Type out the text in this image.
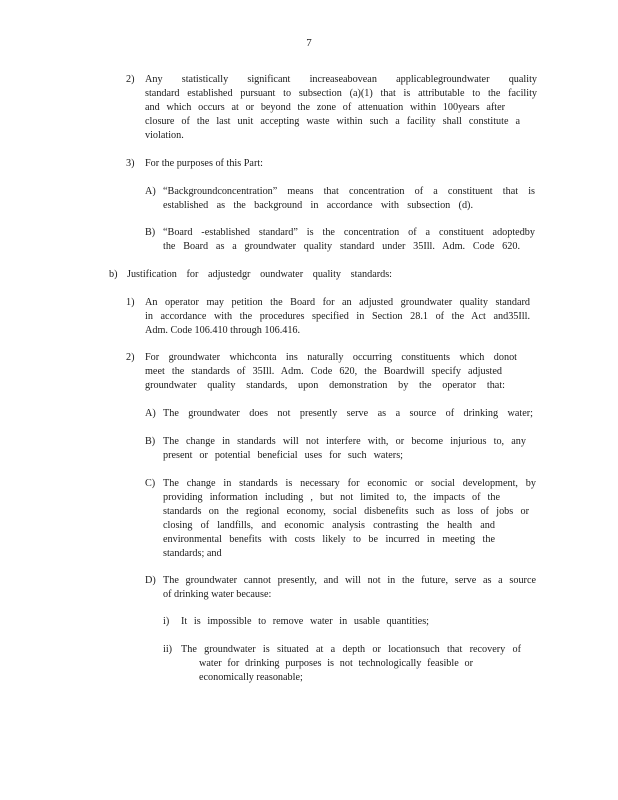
7
2) Any statistically significant increaseabovean applicablegroundwater quality
standard established pursuant to subsection (a)(1) that is attributable to the facility
and which occurs at or beyond the zone of attenuation within 100years after
closure of the last unit accepting waste within such a facility shall constitute a
violation.
3) For the purposes of this Part:
A) “Backgroundconcentration” means that concentration of a constituent that is
established as the background in accordance with subsection (d).
B) “Board -established standard” is the concentration of a constituent adoptedby
the Board as a groundwater quality standard under 35Ill. Adm. Code 620.
b) Justification for adjustedgr oundwater quality standards:
1) An operator may petition the Board for an adjusted groundwater quality standard
in accordance with the procedures specified in Section 28.1 of the Act and35Ill.
Adm. Code 106.410 through 106.416.
2) For groundwater whichconta ins naturally occurring constituents which donot
meet the standards of 35Ill. Adm. Code 620, the Boardwill specify adjusted
groundwater quality standards, upon demonstration by the operator that:
A) The groundwater does not presently serve as a source of drinking water;
B) The change in standards will not interfere with, or become injurious to, any
present or potential beneficial uses for such waters;
C) The change in standards is necessary for economic or social development, by
providing information including , but not limited to, the impacts of the
standards on the regional economy, social disbenefits such as loss of jobs or
closing of landfills, and economic analysis contrasting the health and
environmental benefits with costs likely to be incurred in meeting the
standards; and
D) The groundwater cannot presently, and will not in the future, serve as a source
of drinking water because:
i) It is impossible to remove water in usable quantities;
ii) The groundwater is situated at a depth or locationsuch that recovery of
water for drinking purposes is not technologically feasible or
economically reasonable;
